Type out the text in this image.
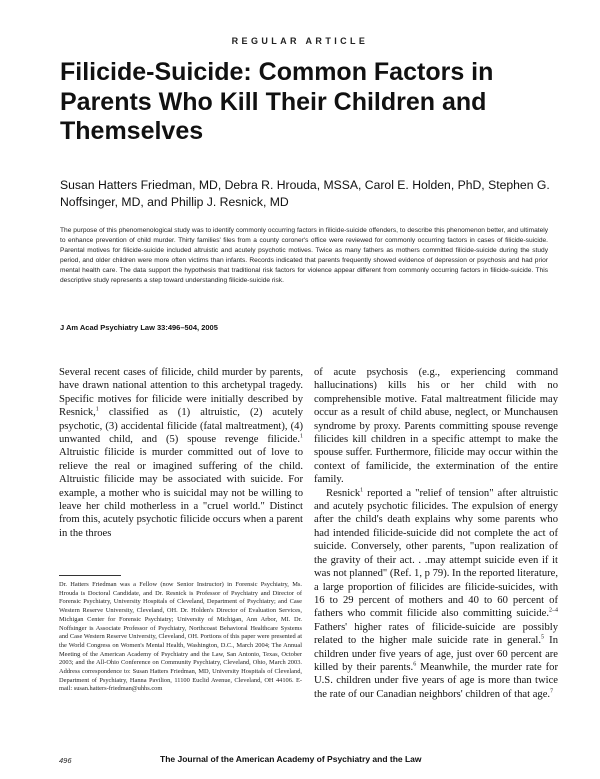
REGULAR ARTICLE
Filicide-Suicide: Common Factors in Parents Who Kill Their Children and Themselves
Susan Hatters Friedman, MD, Debra R. Hrouda, MSSA, Carol E. Holden, PhD, Stephen G. Noffsinger, MD, and Phillip J. Resnick, MD
The purpose of this phenomenological study was to identify commonly occurring factors in filicide-suicide offenders, to describe this phenomenon better, and ultimately to enhance prevention of child murder. Thirty families' files from a county coroner's office were reviewed for commonly occurring factors in cases of filicide-suicide. Parental motives for filicide-suicide included altruistic and acutely psychotic motives. Twice as many fathers as mothers committed filicide-suicide during the study period, and older children were more often victims than infants. Records indicated that parents frequently showed evidence of depression or psychosis and had prior mental health care. The data support the hypothesis that traditional risk factors for violence appear different from commonly occurring factors in filicide-suicide. This descriptive study represents a step toward understanding filicide-suicide risk.
J Am Acad Psychiatry Law 33:496–504, 2005

Several recent cases of filicide, child murder by parents, have drawn national attention to this archetypal tragedy. Specific motives for filicide were initially described by Resnick,$^1$ classified as (1) altruistic, (2) acutely psychotic, (3) accidental filicide (fatal maltreatment), (4) unwanted child, and (5) spouse revenge filicide.$^1$ Altruistic filicide is murder committed out of love to relieve the real or imagined suffering of the child. Altruistic filicide may be associated with suicide. For example, a mother who is suicidal may not be willing to leave her child motherless in a "cruel world." Distinct from this, acutely psychotic filicide occurs when a parent in the throes

of acute psychosis (e.g., experiencing command hallucinations) kills his or her child with no comprehensible motive. Fatal maltreatment filicide may occur as a result of child abuse, neglect, or Munchausen syndrome by proxy. Parents committing spouse revenge filicides kill children in a specific attempt to make the spouse suffer. Furthermore, filicide may occur within the context of familicide, the extermination of the entire family.

Resnick$^1$ reported a "relief of tension" after altruistic and acutely psychotic filicides. The expulsion of energy after the child's death explains why some parents who had intended filicide-suicide did not complete the act of suicide. Conversely, other parents, "upon realization of the gravity of their act. . .may attempt suicide even if it was not planned" (Ref. 1, p 79). In the reported literature, a large proportion of filicides are filicide-suicides, with 16 to 29 percent of mothers and 40 to 60 percent of fathers who commit filicide also committing suicide.$^{2-4}$ Fathers' higher rates of filicide-suicide are possibly related to the higher male suicide rate in general.$^5$ In children under five years of age, just over 60 percent are killed by their parents.$^6$ Meanwhile, the murder rate for U.S. children under five years of age is more than twice the rate of our Canadian neighbors' children of that age.$^7$

Dr. Hatters Friedman was a Fellow (now Senior Instructor) in Forensic Psychiatry, Ms. Hrouda is Doctoral Candidate, and Dr. Resnick is Professor of Psychiatry and Director of Forensic Psychiatry, University Hospitals of Cleveland, Department of Psychiatry; and Case Western Reserve University, Cleveland, OH. Dr. Holden's Director of Evaluation Services, Michigan Center for Forensic Psychiatry; University of Michigan, Ann Arbor, MI. Dr. Noffsinger is Associate Professor of Psychiatry, Northcoast Behavioral Healthcare Systems and Case Western Reserve University, Cleveland, OH. Portions of this paper were presented at the World Congress on Women's Mental Health, Washington, D.C., March 2004; The Annual Meeting of the American Academy of Psychiatry and the Law, San Antonio, Texas, October 2003; and the All-Ohio Conference on Community Psychiatry, Cleveland, Ohio, March 2003. Address correspondence to: Susan Hatters Friedman, MD, University Hospitals of Cleveland, Department of Psychiatry, Hanna Pavilion, 11100 Euclid Avenue, Cleveland, OH 44106. E-mail: susan.hatters-friedman@uhhs.com
496	The Journal of the American Academy of Psychiatry and the Law
